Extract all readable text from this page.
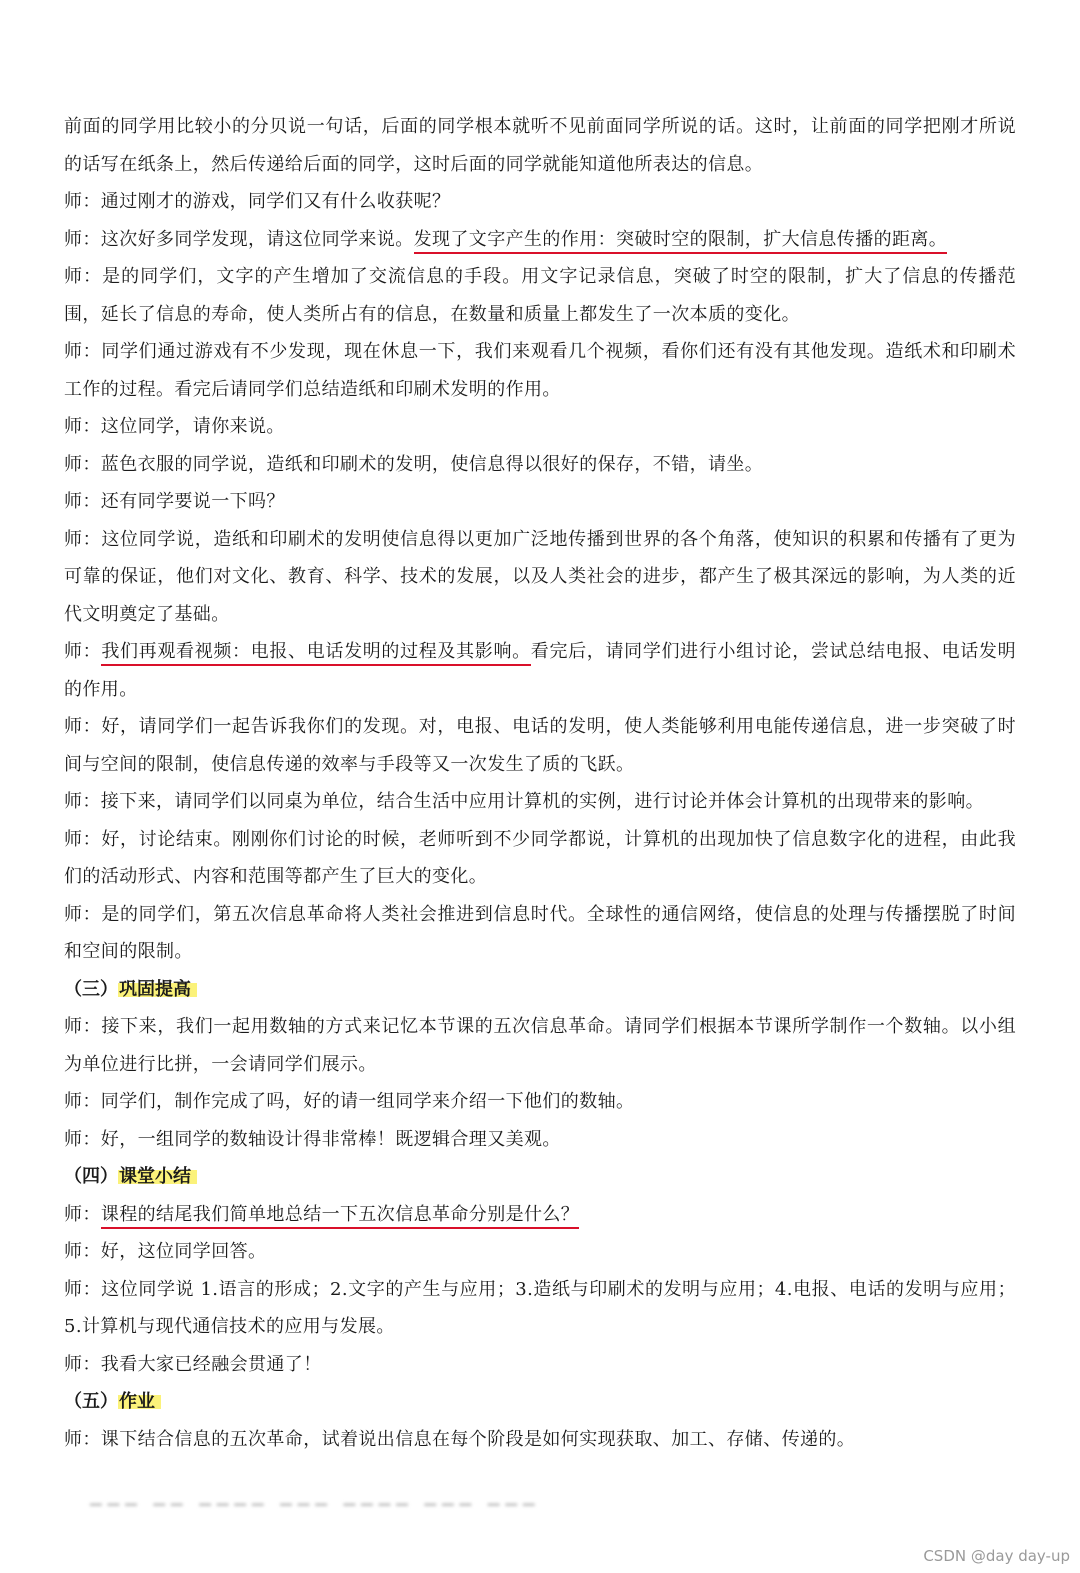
前面的同学用比较小的分贝说一句话，后面的同学根本就听不见前面同学所说的话。这时，让前面的同学把刚才所说的话写在纸条上，然后传递给后面的同学，这时后面的同学就能知道他所表达的信息。

师：通过刚才的游戏，同学们又有什么收获呢？

师：这次好多同学发现，请这位同学来说。发现了文字产生的作用：突破时空的限制，扩大信息传播的距离。

师：是的同学们，文字的产生增加了交流信息的手段。用文字记录信息，突破了时空的限制，扩大了信息的传播范围，延长了信息的寿命，使人类所占有的信息，在数量和质量上都发生了一次本质的变化。

师：同学们通过游戏有不少发现，现在休息一下，我们来观看几个视频，看你们还有没有其他发现。造纸术和印刷术工作的过程。看完后请同学们总结造纸和印刷术发明的作用。

师：这位同学，请你来说。

师：蓝色衣服的同学说，造纸和印刷术的发明，使信息得以很好的保存，不错，请坐。

师：还有同学要说一下吗？

师：这位同学说，造纸和印刷术的发明使信息得以更加广泛地传播到世界的各个角落，使知识的积累和传播有了更为可靠的保证，他们对文化、教育、科学、技术的发展，以及人类社会的进步，都产生了极其深远的影响，为人类的近代文明奠定了基础。

师：我们再观看视频：电报、电话发明的过程及其影响。看完后，请同学们进行小组讨论，尝试总结电报、电话发明的作用。

师：好，请同学们一起告诉我你们的发现。对，电报、电话的发明，使人类能够利用电能传递信息，进一步突破了时间与空间的限制，使信息传递的效率与手段等又一次发生了质的飞跃。

师：接下来，请同学们以同桌为单位，结合生活中应用计算机的实例，进行讨论并体会计算机的出现带来的影响。

师：好，讨论结束。刚刚你们讨论的时候，老师听到不少同学都说，计算机的出现加快了信息数字化的进程，由此我们的活动形式、内容和范围等都产生了巨大的变化。

师：是的同学们，第五次信息革命将人类社会推进到信息时代。全球性的通信网络，使信息的处理与传播摆脱了时间和空间的限制。

（三）巩固提高

师：接下来，我们一起用数轴的方式来记忆本节课的五次信息革命。请同学们根据本节课所学制作一个数轴。以小组为单位进行比拼，一会请同学们展示。

师：同学们，制作完成了吗，好的请一组同学来介绍一下他们的数轴。

师：好，一组同学的数轴设计得非常棒！既逻辑合理又美观。

（四）课堂小结

师：课程的结尾我们简单地总结一下五次信息革命分别是什么？

师：好，这位同学回答。

师：这位同学说 1.语言的形成；2.文字的产生与应用；3.造纸与印刷术的发明与应用；4.电报、电话的发明与应用；5.计算机与现代通信技术的应用与发展。

师：我看大家已经融会贯通了！

（五）作业

师：课下结合信息的五次革命，试着说出信息在每个阶段是如何实现获取、加工、存储、传递的。

▁▁▁ ▁▁ ▁▁▁▁ ▁▁▁ ▁▁▁▁ ▁▁▁ ▁▁▁
CSDN @day day-up
